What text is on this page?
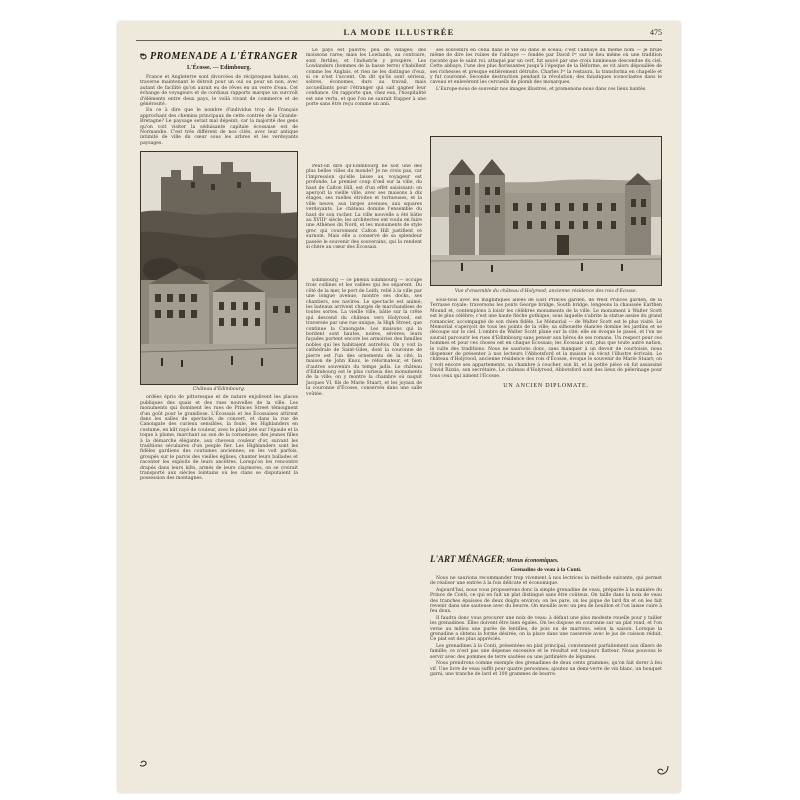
LA MODE ILLUSTRÉE	475
PROMENADE A L'ÉTRANGER
L'Écosse. — Edimbourg.

France et Angleterre sont divorcées de réciproques haines, on traverse maintenant le détroit pour un oui ou pour un non, avec autant de facilité qu'on aurait eu de rêves en un verre d'eau. Cet échange de voyageurs et de cordiaux rapports marque un surcroît d'éléments entre deux pays, le voilà vivant de commerce et de générosité.

En ce à dire que le nombre d'individus trop de Français approchant des chemins principaux de cette contrée de la Grande-Bretagne? Le paysage serait mal dépeint; car la majorité des gens qu'on voit visiter la séduisante capitale écossaise est de Normandie. C'est très différent de nos cités, avec leur antique intimité de ville du cœur sous les arbres et les verdoyants paysages.

Château d'Edimbourg.

ordées épris de pittoresque et de nature enjolivent les places publiques des quais et des rues nouvelles de la ville. Les monuments qui dominent les rues de Princes Street témoignent d'un goût pour le grandiose. L'Écossais et les Écossaises attirent dans les salles de spectacle, de concert, et dans la rue de Canongate des curieux sensibles, la foule, les Highlanders en costume, en kilt rayé de couleur, avec le plaid jeté sur l'épaule et la toque à plume, marchant au son de la cornemuse; des jeunes filles à la démarche élégante, aux cheveux couleur d'or, suivant les traditions séculaires d'un peuple fier. Les Highlanders sont les fidèles gardiens des coutumes anciennes; on les voit parfois, groupés sur le parvis des vieilles églises, chanter leurs ballades et raconter les exploits de leurs ancêtres. Lorsqu'on les rencontre drapés dans leurs kilts, armés de leurs claymores, on se croirait transporté aux siècles lointains où les clans se disputaient la possession des montagnes.

Le pays est pauvre; peu de villages; des moissons rares; mais les Lowlands, au contraire, sont fertiles, et l'industrie y prospère. Les Lowlanders (hommes de la basse terre) s'habillent comme les Anglais, et rien ne les distingue d'eux, si ce n'est l'accent. On dit qu'ils sont sérieux, sobres, économes, durs au travail, mais accueillants pour l'étranger qui sait gagner leur confiance. On rapporte que, chez eux, l'hospitalité est une vertu, et que l'on ne saurait frapper à une porte sans être reçu comme un ami.

ses souvenirs en celui dans le vie ou dans le sceau; c'est l'abbaye du même nom — je brûle même de dire les ruines de l'abbaye — fondée par David Iᵉʳ sur le lieu même où une tradition raconte que le saint roi, attaqué par un cerf, fut sauvé par une croix lumineuse descendue du ciel. Cette abbaye, l'une des plus florissantes jusqu'à l'époque de la Réforme, se vit alors dépouillée de ses richesses et presque entièrement détruite. Charles Iᵉʳ la restaura, la transforma en chapelle et y fut couronné. Seconde destruction pendant la révolution; des fanatiques iconoclastes dans le caveau et enlevèrent les cercueils de plomb des monarques.

L'Europe-nous de souvenir nos images illustres, et promenons-nous dans ces lieux hantés.

Peut-on dire qu'Edimbourg ne soit une des plus belles villes du monde? Je ne crois pas, car l'impression qu'elle laisse au voyageur est profonde. Le premier coup d'œil sur la ville, du haut de Calton Hill, est d'un effet saisissant: on aperçoit la vieille ville, avec ses maisons à dix étages, ses ruelles étroites et tortueuses, et la ville neuve, aux larges avenues, aux squares verdoyants. Le château domine l'ensemble du haut de son rocher. La ville nouvelle a été bâtie au XVIIIᵉ siècle; les architectes ont voulu en faire une Athènes du Nord, et les monuments de style grec qui couronnent Calton Hill justifient ce surnom. Mais elle a conservé de sa splendeur passée le souvenir des souverains, qui la rendent si chère au cœur des Écossais.

Vue d'ensemble du château d'Holyrood, ancienne résidence des rois d'Écosse.

Édimbourg — ce phénix Edimbourg — occupe trois collines et les vallées qui les séparent. Du côté de la mer, le port de Leith, relié à la ville par une longue avenue, montre ses docks, ses chantiers, ses navires. Le spectacle est animé; les bateaux arrivent chargés de marchandises de toutes sortes. La vieille ville, bâtie sur la crête qui descend du château vers Holyrood, est traversée par une rue unique, la High Street, que continue la Canongate. Les maisons qui la bordent sont hautes, noires, sévères; leurs façades portent encore les armoiries des familles nobles qui les habitaient autrefois. On y voit la cathédrale de Saint-Giles, dont la couronne de pierre est l'un des ornements de la cité, la maison de John Knox, le réformateur, et bien d'autres souvenirs du temps jadis. Le château d'Edimbourg est le plus curieux des monuments de la ville; on y montre la chambre où naquit Jacques VI, fils de Marie Stuart, et les joyaux de la couronne d'Écosse, conservés dans une salle voûtée.

sous-bois avec les magnifiques allées de East Princes garden, de West Princes garden, de la Terrasse royale; traversons les ponts George bridge, South bridge, longeons la chaussée Earthen Mound et, contemplons à loisir les célèbres monuments de la ville. Le monument à Walter Scott est le plus célèbre; c'est une haute flèche gothique, sous laquelle s'abrite la statue assise du grand romancier, accompagné de son chien fidèle. Le Mémorial — de Walter Scott est le plus visité. Le Memorial s'aperçoit de tous les points de la ville; sa silhouette élancée domine les jardins et se découpe sur le ciel. L'ombre de Walter Scott plane sur la cité; elle en évoque le passé, et l'on ne saurait parcourir les rues d'Edimbourg sans penser aux héros de ses romans. Un respect pour ces hommes et pour ces choses est en chaque Écossais; les Écossais ont, plus que toute autre nation, le culte des traditions. Nous ne saurions donc, sans manquer à un devoir de courtoisie, nous dispenser de présenter à nos lecteurs l'Abbotsford et la maison où vécut l'illustre écrivain. Le château d'Holyrood, ancienne résidence des rois d'Écosse, évoque le souvenir de Marie Stuart; on y voit encore ses appartements, sa chambre à coucher, son lit, et la petite pièce où fut assassiné David Rizzio, son secrétaire. Le château d'Holyrood, Abbotsford sont des lieux de pèlerinage pour tous ceux qui aiment l'Écosse.

UN ANCIEN DIPLOMATE.
L'ART MÉNAGER; Menus économiques.
Grenadins de veau à la Conti.

Nous ne saurions recommander trop vivement à nos lectrices la méthode suivante, qui permet de réaliser une entrée à la fois délicate et économique.

Aujourd'hui, nous vous proposerons donc la simple grenadine de veau, préparée à la manière du Prince de Conti, ce qui en fait un plat distingué sans être coûteux. On taille dans la noix de veau des tranches épaisses de deux doigts environ; on les pare, on les pique de lard fin et on les fait revenir dans une sauteuse avec du beurre. On mouille avec un peu de bouillon et l'on laisse cuire à feu doux.

Il faudra donc vous procurer une noix de veau: à défaut une plus modeste rouelle pour y tailler les grenadines. Elles doivent être bien égales. On les dispose en couronne sur un plat rond, et l'on verse au milieu une purée de lentilles, de pois ou de marrons, selon la saison. Lorsque la grenadine a obtenu la forme désirée, on la place dans une casserole avec le jus de cuisson réduit. Ce plat est des plus appréciés.

Les grenadines à la Conti, présentées en plat principal, conviennent parfaitement aux dîners de famille; ce n'est pas une dépense excessive et le résultat est toujours flatteur. Nous pouvons le servir avec des pommes de terre sautées ou une jardinière de légumes.

Nous prendrons comme exemple des grenadines de deux cents grammes, qu'on fait dorer à feu vif. Une livre de veau suffit pour quatre personnes; ajoutez un demi-verre de vin blanc, un bouquet garni, une tranche de lard et 100 grammes de beurre.
